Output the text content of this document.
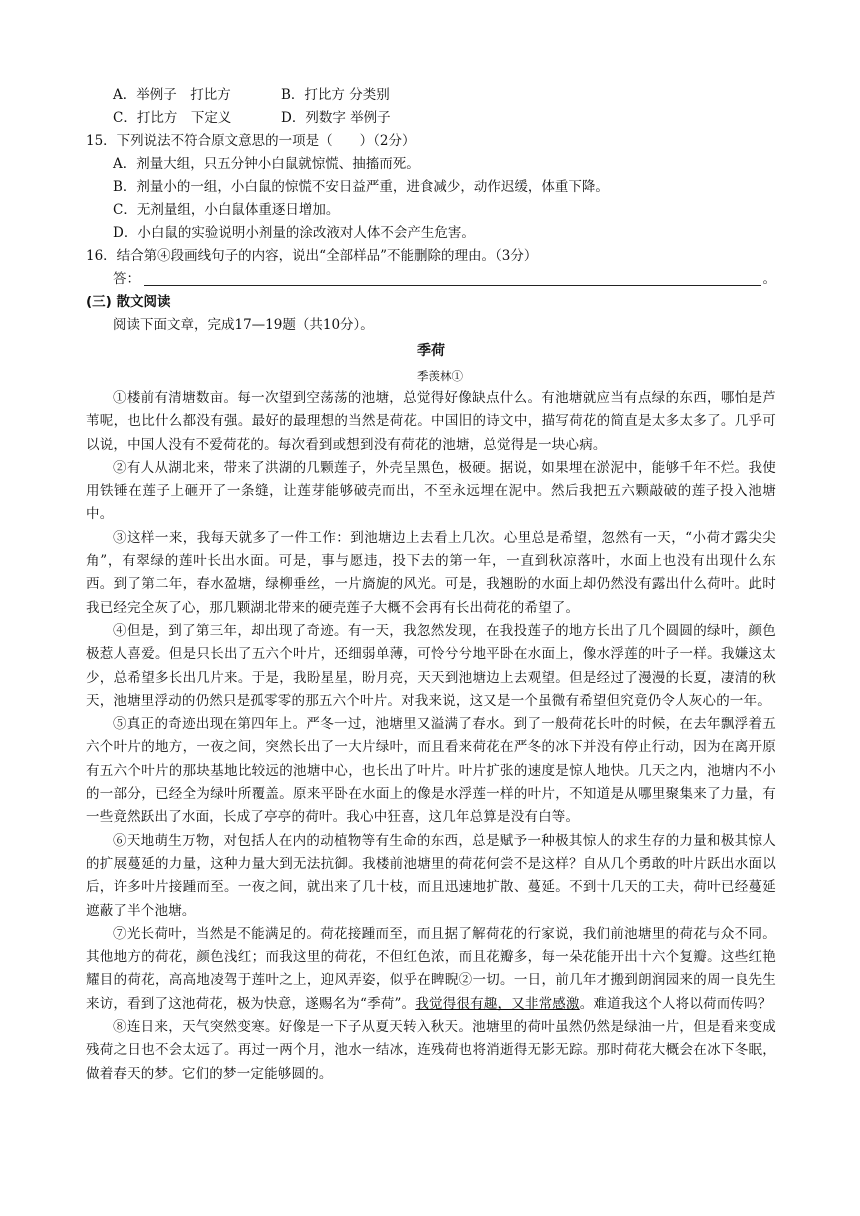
A．举例子　打比方	B．打比方 分类别
C．打比方　下定义	D．列数字 举例子
15．下列说法不符合原文意思的一项是（　　）（2分）
A．剂量大组，只五分钟小白鼠就惊慌、抽搐而死。
B．剂量小的一组，小白鼠的惊慌不安日益严重，进食减少，动作迟缓，体重下降。
C．无剂量组，小白鼠体重逐日增加。
D．小白鼠的实验说明小剂量的涂改液对人体不会产生危害。
16．结合第④段画线句子的内容，说出“全部样品”不能删除的理由。（3分）
答：	。
(三) 散文阅读
阅读下面文章，完成17—19题（共10分）。
季荷
季羡林①

①楼前有清塘数亩。每一次望到空荡荡的池塘，总觉得好像缺点什么。有池塘就应当有点绿的东西，哪怕是芦苇呢，也比什么都没有强。最好的最理想的当然是荷花。中国旧的诗文中，描写荷花的简直是太多太多了。几乎可以说，中国人没有不爱荷花的。每次看到或想到没有荷花的池塘，总觉得是一块心病。

②有人从湖北来，带来了洪湖的几颗莲子，外壳呈黑色，极硬。据说，如果埋在淤泥中，能够千年不烂。我使用铁锤在莲子上砸开了一条缝，让莲芽能够破壳而出，不至永远埋在泥中。然后我把五六颗敲破的莲子投入池塘中。

③这样一来，我每天就多了一件工作：到池塘边上去看上几次。心里总是希望，忽然有一天，“小荷才露尖尖角”，有翠绿的莲叶长出水面。可是，事与愿违，投下去的第一年，一直到秋凉落叶，水面上也没有出现什么东西。到了第二年，春水盈塘，绿柳垂丝，一片旖旎的风光。可是，我翘盼的水面上却仍然没有露出什么荷叶。此时我已经完全灰了心，那几颗湖北带来的硬壳莲子大概不会再有长出荷花的希望了。

④但是，到了第三年，却出现了奇迹。有一天，我忽然发现，在我投莲子的地方长出了几个圆圆的绿叶，颜色极惹人喜爱。但是只长出了五六个叶片，还细弱单薄，可怜兮兮地平卧在水面上，像水浮莲的叶子一样。我嫌这太少，总希望多长出几片来。于是，我盼星星，盼月亮，天天到池塘边上去观望。但是经过了漫漫的长夏，凄清的秋天，池塘里浮动的仍然只是孤零零的那五六个叶片。对我来说，这又是一个虽微有希望但究竟仍令人灰心的一年。

⑤真正的奇迹出现在第四年上。严冬一过，池塘里又溢满了春水。到了一般荷花长叶的时候，在去年飘浮着五六个叶片的地方，一夜之间，突然长出了一大片绿叶，而且看来荷花在严冬的冰下并没有停止行动，因为在离开原有五六个叶片的那块基地比较远的池塘中心，也长出了叶片。叶片扩张的速度是惊人地快。几天之内，池塘内不小的一部分，已经全为绿叶所覆盖。原来平卧在水面上的像是水浮莲一样的叶片，不知道是从哪里聚集来了力量，有一些竟然跃出了水面，长成了亭亭的荷叶。我心中狂喜，这几年总算是没有白等。

⑥天地萌生万物，对包括人在内的动植物等有生命的东西，总是赋予一种极其惊人的求生存的力量和极其惊人的扩展蔓延的力量，这种力量大到无法抗御。我楼前池塘里的荷花何尝不是这样？自从几个勇敢的叶片跃出水面以后，许多叶片接踵而至。一夜之间，就出来了几十枝，而且迅速地扩散、蔓延。不到十几天的工夫，荷叶已经蔓延遮蔽了半个池塘。

⑦光长荷叶，当然是不能满足的。荷花接踵而至，而且据了解荷花的行家说，我们前池塘里的荷花与众不同。其他地方的荷花，颜色浅红；而我这里的荷花，不但红色浓，而且花瓣多，每一朵花能开出十六个复瓣。这些红艳耀目的荷花，高高地凌驾于莲叶之上，迎风弄姿，似乎在睥睨②一切。一日，前几年才搬到朗润园来的周一良先生来访，看到了这池荷花，极为快意，遂赐名为“季荷”。我觉得很有趣，又非常感激。难道我这个人将以荷而传吗？

⑧连日来，天气突然变寒。好像是一下子从夏天转入秋天。池塘里的荷叶虽然仍然是绿油一片，但是看来变成残荷之日也不会太远了。再过一两个月，池水一结冰，连残荷也将消逝得无影无踪。那时荷花大概会在冰下冬眠，做着春天的梦。它们的梦一定能够圆的。
